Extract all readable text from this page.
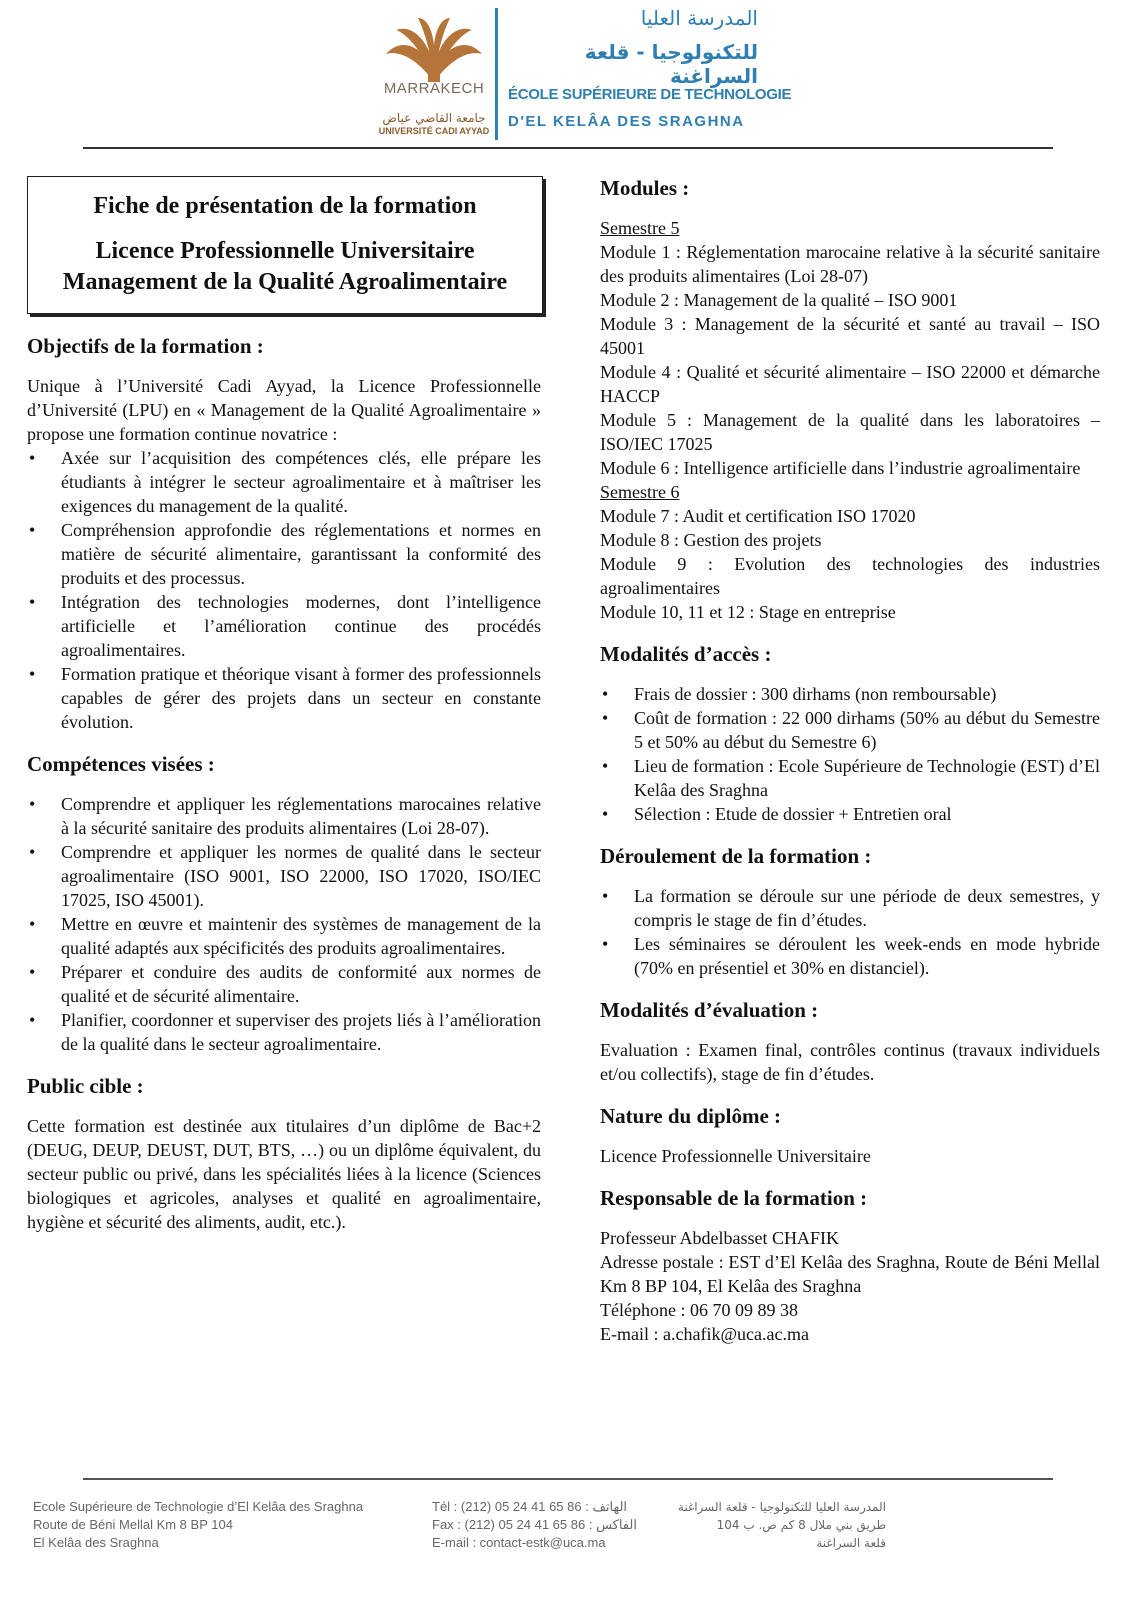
MARRAKECH
جامعة القاضي عياض
UNIVERSITÉ CADI AYYAD
المدرسة العليا
للتكنولوجيا - قلعة السراغنة
ÉCOLE SUPÉRIEURE DE TECHNOLOGIE
D'EL KELÂA DES SRAGHNA
Fiche de présentation de la formation
Licence Professionnelle Universitaire
Management de la Qualité Agroalimentaire
Objectifs de la formation :

Unique à l’Université Cadi Ayyad, la Licence Professionnelle d’Université (LPU) en « Management de la Qualité Agroalimentaire » propose une formation continue novatrice :

• Axée sur l’acquisition des compétences clés, elle prépare les étudiants à intégrer le secteur agroalimentaire et à maîtriser les exigences du management de la qualité.
• Compréhension approfondie des réglementations et normes en matière de sécurité alimentaire, garantissant la conformité des produits et des processus.
• Intégration des technologies modernes, dont l’intelligence artificielle et l’amélioration continue des procédés agroalimentaires.
• Formation pratique et théorique visant à former des professionnels capables de gérer des projets dans un secteur en constante évolution.
Compétences visées :
• Comprendre et appliquer les réglementations marocaines relative à la sécurité sanitaire des produits alimentaires (Loi 28-07).
• Comprendre et appliquer les normes de qualité dans le secteur agroalimentaire (ISO 9001, ISO 22000, ISO 17020, ISO/IEC 17025, ISO 45001).
• Mettre en œuvre et maintenir des systèmes de management de la qualité adaptés aux spécificités des produits agroalimentaires.
• Préparer et conduire des audits de conformité aux normes de qualité et de sécurité alimentaire.
• Planifier, coordonner et superviser des projets liés à l’amélioration de la qualité dans le secteur agroalimentaire.
Public cible :

Cette formation est destinée aux titulaires d’un diplôme de Bac+2 (DEUG, DEUP, DEUST, DUT, BTS, …) ou un diplôme équivalent, du secteur public ou privé, dans les spécialités liées à la licence (Sciences biologiques et agricoles, analyses et qualité en agroalimentaire, hygiène et sécurité des aliments, audit, etc.).

Modules :

Semestre 5

Module 1 : Réglementation marocaine relative à la sécurité sanitaire des produits alimentaires (Loi 28-07)

Module 2 : Management de la qualité – ISO 9001

Module 3 : Management de la sécurité et santé au travail – ISO 45001

Module 4 : Qualité et sécurité alimentaire – ISO 22000 et démarche HACCP

Module 5 : Management de la qualité dans les laboratoires – ISO/IEC 17025

Module 6 : Intelligence artificielle dans l’industrie agroalimentaire

Semestre 6

Module 7 : Audit et certification ISO 17020

Module 8 : Gestion des projets

Module 9 : Evolution des technologies des industries agroalimentaires

Module 10, 11 et 12 : Stage en entreprise

Modalités d’accès :
• Frais de dossier : 300 dirhams (non remboursable)
• Coût de formation : 22 000 dirhams (50% au début du Semestre 5 et 50% au début du Semestre 6)
• Lieu de formation : Ecole Supérieure de Technologie (EST) d’El Kelâa des Sraghna
• Sélection : Etude de dossier + Entretien oral
Déroulement de la formation :
• La formation se déroule sur une période de deux semestres, y compris le stage de fin d’études.
• Les séminaires se déroulent les week-ends en mode hybride (70% en présentiel et 30% en distanciel).
Modalités d’évaluation :

Evaluation : Examen final, contrôles continus (travaux individuels et/ou collectifs), stage de fin d’études.

Nature du diplôme :

Licence Professionnelle Universitaire

Responsable de la formation :

Professeur Abdelbasset CHAFIK

Adresse postale : EST d’El Kelâa des Sraghna, Route de Béni Mellal Km 8 BP 104, El Kelâa des Sraghna

Téléphone : 06 70 09 89 38

E-mail : a.chafik@uca.ac.ma

Ecole Supérieure de Technologie d’El Kelâa des Sraghna
Route de Béni Mellal Km 8 BP 104
El Kelâa des Sraghna
Tél : (212) 05 24 41 65 86 : الهاتف
Fax : (212) 05 24 41 65 86 : الفاكس
E-mail : contact-estk@uca.ma
المدرسة العليا للتكنولوجيا - قلعة السراغنة
طريق بني ملال 8 كم ص. ب 104
قلعة السراغنة
